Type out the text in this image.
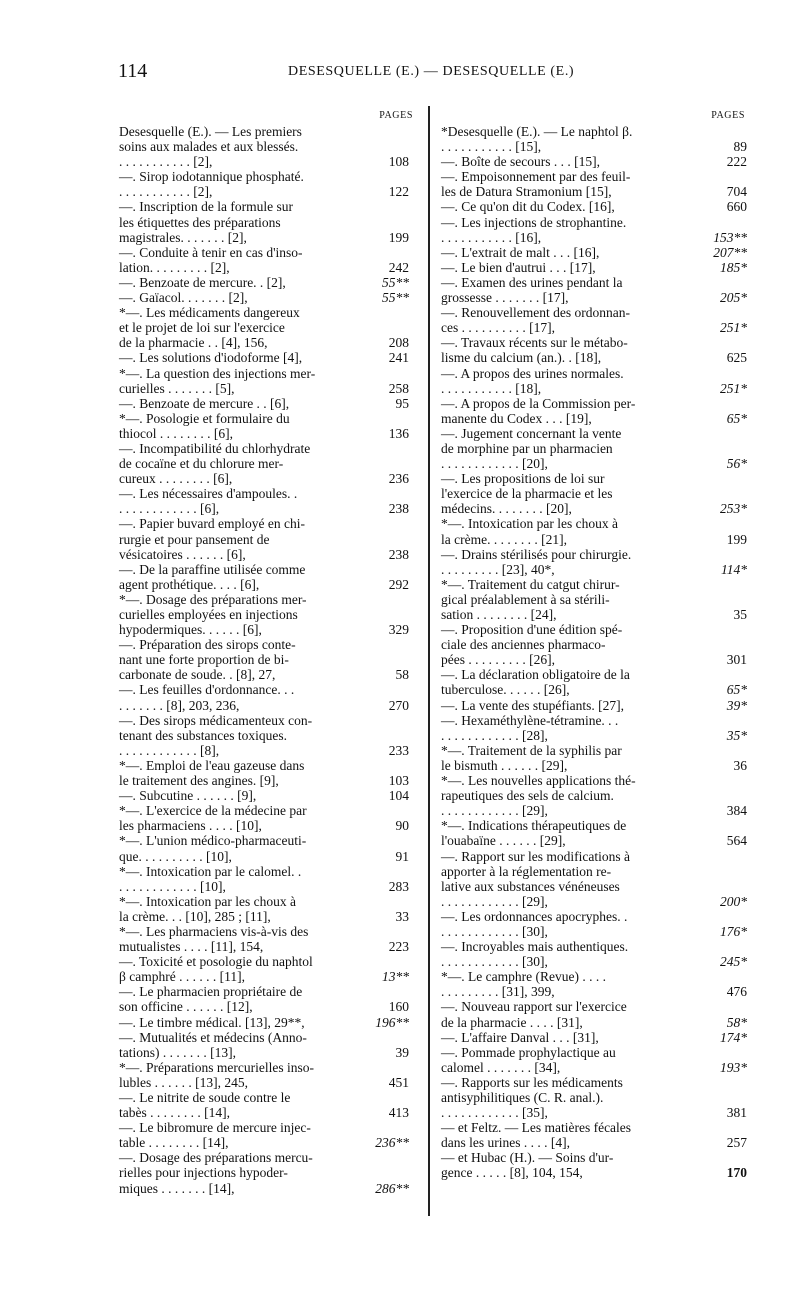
114	DESESQUELLE (E.) — DESESQUELLE (E.)
PAGES
Desesquelle (E.). — Les premiers
soins aux malades et aux blessés.
. . . . . . . . . . . [2],	108
—. Sirop iodotannique phosphaté.
. . . . . . . . . . . [2],	122
—. Inscription de la formule sur
les étiquettes des préparations
magistrales. . . . . . . [2],	199
—. Conduite à tenir en cas d'inso-
lation. . . . . . . . . [2],	242
—. Benzoate de mercure. . [2],	55**
—. Gaïacol. . . . . . . [2],	55**
*—. Les médicaments dangereux
et le projet de loi sur l'exercice
de la pharmacie . . [4], 156,	208
—. Les solutions d'iodoforme [4],	241
*—. La question des injections mer-
curielles . . . . . . . [5],	258
—. Benzoate de mercure . . [6],	95
*—. Posologie et formulaire du
thiocol . . . . . . . . [6],	136
—. Incompatibilité du chlorhydrate
de cocaïne et du chlorure mer-
cureux . . . . . . . . [6],	236
—. Les nécessaires d'ampoules. .
. . . . . . . . . . . . [6],	238
—. Papier buvard employé en chi-
rurgie et pour pansement de
vésicatoires . . . . . . [6],	238
—. De la paraffine utilisée comme
agent prothétique. . . . [6],	292
*—. Dosage des préparations mer-
curielles employées en injections
hypodermiques. . . . . . [6],	329
—. Préparation des sirops conte-
nant une forte proportion de bi-
carbonate de soude. . [8], 27,	58
—. Les feuilles d'ordonnance. . .
. . . . . . . [8], 203, 236,	270
—. Des sirops médicamenteux con-
tenant des substances toxiques.
. . . . . . . . . . . . [8],	233
*—. Emploi de l'eau gazeuse dans
le traitement des angines. [9],	103
—. Subcutine . . . . . . [9],	104
*—. L'exercice de la médecine par
les pharmaciens . . . . [10],	90
*—. L'union médico-pharmaceuti-
que. . . . . . . . . . [10],	91
*—. Intoxication par le calomel. .
. . . . . . . . . . . . [10],	283
*—. Intoxication par les choux à
la crème. . . [10], 285 ; [11],	33
*—. Les pharmaciens vis-à-vis des
mutualistes . . . . [11], 154,	223
—. Toxicité et posologie du naphtol
β camphré . . . . . . [11],	13**
—. Le pharmacien propriétaire de
son officine . . . . . . [12],	160
—. Le timbre médical. [13], 29**,	196**
—. Mutualités et médecins (Anno-
tations) . . . . . . . [13],	39
*—. Préparations mercurielles inso-
lubles . . . . . . [13], 245,	451
—. Le nitrite de soude contre le
tabès . . . . . . . . [14],	413
—. Le bibromure de mercure injec-
table . . . . . . . . [14],	236**
—. Dosage des préparations mercu-
rielles pour injections hypoder-
miques . . . . . . . [14],	286**
PAGES
*Desesquelle (E.). — Le naphtol β.
. . . . . . . . . . . [15],	89
—. Boîte de secours . . . [15],	222
—. Empoisonnement par des feuil-
les de Datura Stramonium [15],	704
—. Ce qu'on dit du Codex. [16],	660
—. Les injections de strophantine.
. . . . . . . . . . . [16],	153**
—. L'extrait de malt . . . [16],	207**
—. Le bien d'autrui . . . [17],	185*
—. Examen des urines pendant la
grossesse . . . . . . . [17],	205*
—. Renouvellement des ordonnan-
ces . . . . . . . . . . [17],	251*
—. Travaux récents sur le métabo-
lisme du calcium (an.). . [18],	625
—. A propos des urines normales.
. . . . . . . . . . . [18],	251*
—. A propos de la Commission per-
manente du Codex . . . [19],	65*
—. Jugement concernant la vente
de morphine par un pharmacien
. . . . . . . . . . . . [20],	56*
—. Les propositions de loi sur
l'exercice de la pharmacie et les
médecins. . . . . . . . [20],	253*
*—. Intoxication par les choux à
la crème. . . . . . . . [21],	199
—. Drains stérilisés pour chirurgie.
. . . . . . . . . [23], 40*,	114*
*—. Traitement du catgut chirur-
gical préalablement à sa stérili-
sation . . . . . . . . [24],	35
—. Proposition d'une édition spé-
ciale des anciennes pharmaco-
pées . . . . . . . . . [26],	301
—. La déclaration obligatoire de la
tuberculose. . . . . . [26],	65*
—. La vente des stupéfiants. [27],	39*
—. Hexaméthylène-tétramine. . .
. . . . . . . . . . . . [28],	35*
*—. Traitement de la syphilis par
le bismuth . . . . . . [29],	36
*—. Les nouvelles applications thé-
rapeutiques des sels de calcium.
. . . . . . . . . . . . [29],	384
*—. Indications thérapeutiques de
l'ouabaïne . . . . . . [29],	564
—. Rapport sur les modifications à
apporter à la réglementation re-
lative aux substances vénéneuses
. . . . . . . . . . . . [29],	200*
—. Les ordonnances apocryphes. .
. . . . . . . . . . . . [30],	176*
—. Incroyables mais authentiques.
. . . . . . . . . . . . [30],	245*
*—. Le camphre (Revue) . . . .
. . . . . . . . . [31], 399,	476
—. Nouveau rapport sur l'exercice
de la pharmacie . . . . [31],	58*
—. L'affaire Danval . . . [31],	174*
—. Pommade prophylactique au
calomel . . . . . . . [34],	193*
—. Rapports sur les médicaments
antisyphilitiques (C. R. anal.).
. . . . . . . . . . . . [35],	381
— et Feltz. — Les matières fécales
dans les urines . . . . [4],	257
— et Hubac (H.). — Soins d'ur-
gence . . . . . [8], 104, 154,	170
